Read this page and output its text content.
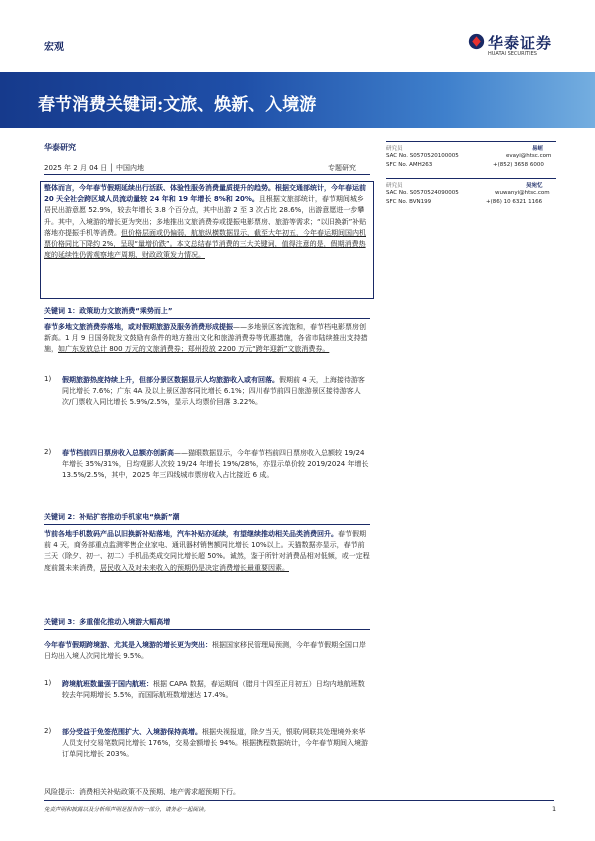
宏观	华泰证券
HUATAI SECURITIES
春节消费关键词:文旅、焕新、入境游
华泰研究
2025 年 2 月 04 日 │ 中国内地	专题研究
研究员	易峘
SAC No. S0570520100005	evayi@htsc.com
SFC No. AMH263	+(852) 3658 6000
研究员	吴宛忆
SAC No. S0570524090005	wuwanyi@htsc.com
SFC No. BVN199	+(86) 10 6321 1166
整体而言，今年春节假期延续出行活跃、体验性服务消费量质提升的趋势。根据交通部统计，今年春运前 20 天全社会跨区域人员流动量较 24 年和 19 年增长 8%和 20%。且根据文旅部统计，春节期间城乡居民出游意愿 52.9%，较去年增长 3.8 个百分点，其中出游 2 至 3 次占比 28.6%，出游意愿进一步攀升。其中，入境游的增长更为突出；多地推出文旅消费券或提振电影票房、旅游等需求；“以旧换新”补贴落地亦提振手机等消费。但价格层面或仍偏弱，航旅纵横数据显示，截至大年初五，今年春运期间国内机票价格同比下降约 2%，呈现“量增价跌”。本文总结春节消费的三大关键词，值得注意的是，假期消费热度的延续性仍需观察地产周期、财政政策发力情况。
关键词 1：政策助力文旅消费“乘势而上”
春节多地文旅消费券落地，或对假期旅游及服务消费形成提振——多地景区客流饱和，春节档电影票房创新高。1 月 9 日国务院发文鼓励有条件的地方推出文化和旅游消费券等优惠措施，各省市陆续推出支持措施，如广东发放总计 800 万元的文旅消费券；郑州投放 2200 万元“跨年迎新”文旅消费券。
1) 假期旅游热度持续上升，但部分景区数据显示人均旅游收入或有回落。假期前 4 天，上海接待游客同比增长 7.6%；广东 4A 及以上景区游客同比增长 6.1%；四川春节前四日旅游景区接待游客人次/门票收入同比增长 5.9%/2.5%，显示人均票价回落 3.22%。
2) 春节档前四日票房收入总额亦创新高——猫眼数据显示，今年春节档前四日票房收入总额较 19/24 年增长 35%/31%，日均观影人次较 19/24 年增长 19%/28%，亦显示单价较 2019/2024 年增长 13.5%/2.5%，其中，2025 年三四线城市票房收入占比接近 6 成。
关键词 2：补贴扩容推动手机家电“焕新”潮
节前各地手机数码产品以旧换新补贴落地，汽车补贴亦延续，有望继续推动相关品类消费回升。春节假期前 4 天，商务部重点监测零售企业家电、通讯器材销售额同比增长 10%以上。天猫数据亦显示，春节前三天（除夕、初一、初二）手机品类成交同比增长超 50%。诚然，鉴于所针对消费品相对低频，或一定程度前置未来消费，居民收入及对未来收入的预期仍是决定消费增长最重要因素。
关键词 3：多重催化推动入境游大幅高增
今年春节假期跨境游、尤其是入境游的增长更为突出：根据国家移民管理局预测，今年春节假期全国口岸日均出入境人次同比增长 9.5%。
1) 跨境航班数量强于国内航班：根据 CAPA 数据，春运期间（腊月十四至正月初五）日均内地航班数较去年同期增长 5.5%，而国际航班数增速达 17.4%。
2) 部分受益于免签范围扩大、入境游保持高增。根据央视报道，除夕当天，银联/网联共处理境外来华人员支付交易笔数同比增长 176%，交易金额增长 94%。根据携程数据统计，今年春节期间入境游订单同比增长 203%。
风险提示：消费相关补贴政策不及预期、地产需求超预期下行。
免责声明和披露以及分析师声明是报告的一部分，请务必一起阅读。	1
